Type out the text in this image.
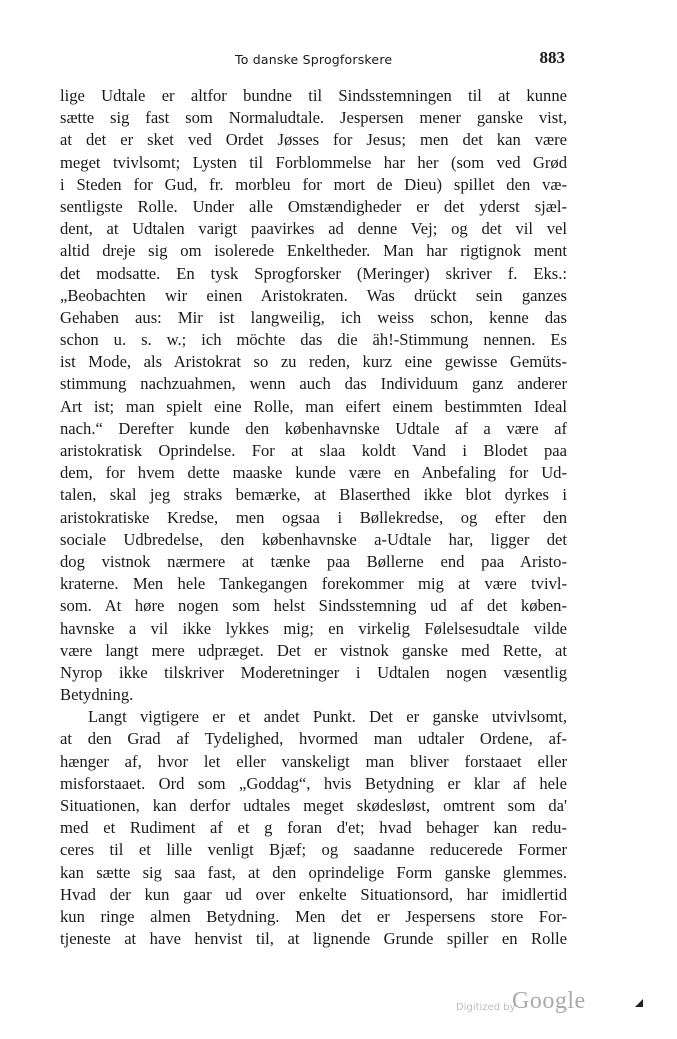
To danske Sprogforskere	883
lige Udtale er altfor bundne til Sindsstemningen til at kunne
sætte sig fast som Normaludtale. Jespersen mener ganske vist,
at det er sket ved Ordet Jøsses for Jesus; men det kan være
meget tvivlsomt; Lysten til Forblommelse har her (som ved Grød
i Steden for Gud, fr. morbleu for mort de Dieu) spillet den væ-
sentligste Rolle. Under alle Omstændigheder er det yderst sjæl-
dent, at Udtalen varigt paavirkes ad denne Vej; og det vil vel
altid dreje sig om isolerede Enkeltheder. Man har rigtignok ment
det modsatte. En tysk Sprogforsker (Meringer) skriver f. Eks.:
„Beobachten wir einen Aristokraten. Was drückt sein ganzes
Gehaben aus: Mir ist langweilig, ich weiss schon, kenne das
schon u. s. w.; ich möchte das die äh!-Stimmung nennen. Es
ist Mode, als Aristokrat so zu reden, kurz eine gewisse Gemüts-
stimmung nachzuahmen, wenn auch das Individuum ganz anderer
Art ist; man spielt eine Rolle, man eifert einem bestimmten Ideal
nach.“ Derefter kunde den københavnske Udtale af a være af
aristokratisk Oprindelse. For at slaa koldt Vand i Blodet paa
dem, for hvem dette maaske kunde være en Anbefaling for Ud-
talen, skal jeg straks bemærke, at Blaserthed ikke blot dyrkes i
aristokratiske Kredse, men ogsaa i Bøllekredse, og efter den
sociale Udbredelse, den københavnske a-Udtale har, ligger det
dog vistnok nærmere at tænke paa Bøllerne end paa Aristo-
kraterne. Men hele Tankegangen forekommer mig at være tvivl-
som. At høre nogen som helst Sindsstemning ud af det køben-
havnske a vil ikke lykkes mig; en virkelig Følelsesudtale vilde
være langt mere udpræget. Det er vistnok ganske med Rette, at
Nyrop ikke tilskriver Moderetninger i Udtalen nogen væsentlig
Betydning.
Langt vigtigere er et andet Punkt. Det er ganske utvivlsomt,
at den Grad af Tydelighed, hvormed man udtaler Ordene, af-
hænger af, hvor let eller vanskeligt man bliver forstaaet eller
misforstaaet. Ord som „Goddag“, hvis Betydning er klar af hele
Situationen, kan derfor udtales meget skødesløst, omtrent som da'
med et Rudiment af et g foran d'et; hvad behager kan redu-
ceres til et lille venligt Bjæf; og saadanne reducerede Former
kan sætte sig saa fast, at den oprindelige Form ganske glemmes.
Hvad der kun gaar ud over enkelte Situationsord, har imidlertid
kun ringe almen Betydning. Men det er Jespersens store For-
tjeneste at have henvist til, at lignende Grunde spiller en Rolle
Digitized by
Google
